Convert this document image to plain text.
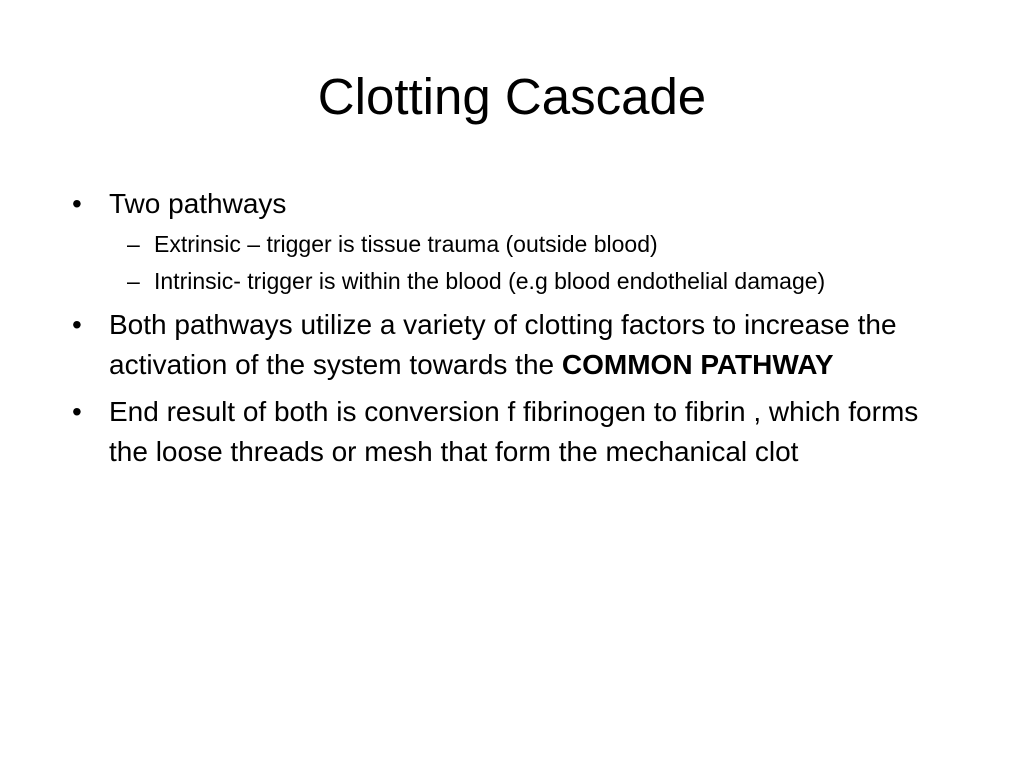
Clotting Cascade
• Two pathways
– Extrinsic – trigger is tissue trauma (outside blood)
– Intrinsic- trigger is within the blood (e.g blood endothelial damage)
• Both pathways utilize a variety of clotting factors to increase the activation of the system towards the COMMON PATHWAY
• End result of both is conversion f fibrinogen to fibrin , which forms the loose threads or mesh that form the mechanical clot
